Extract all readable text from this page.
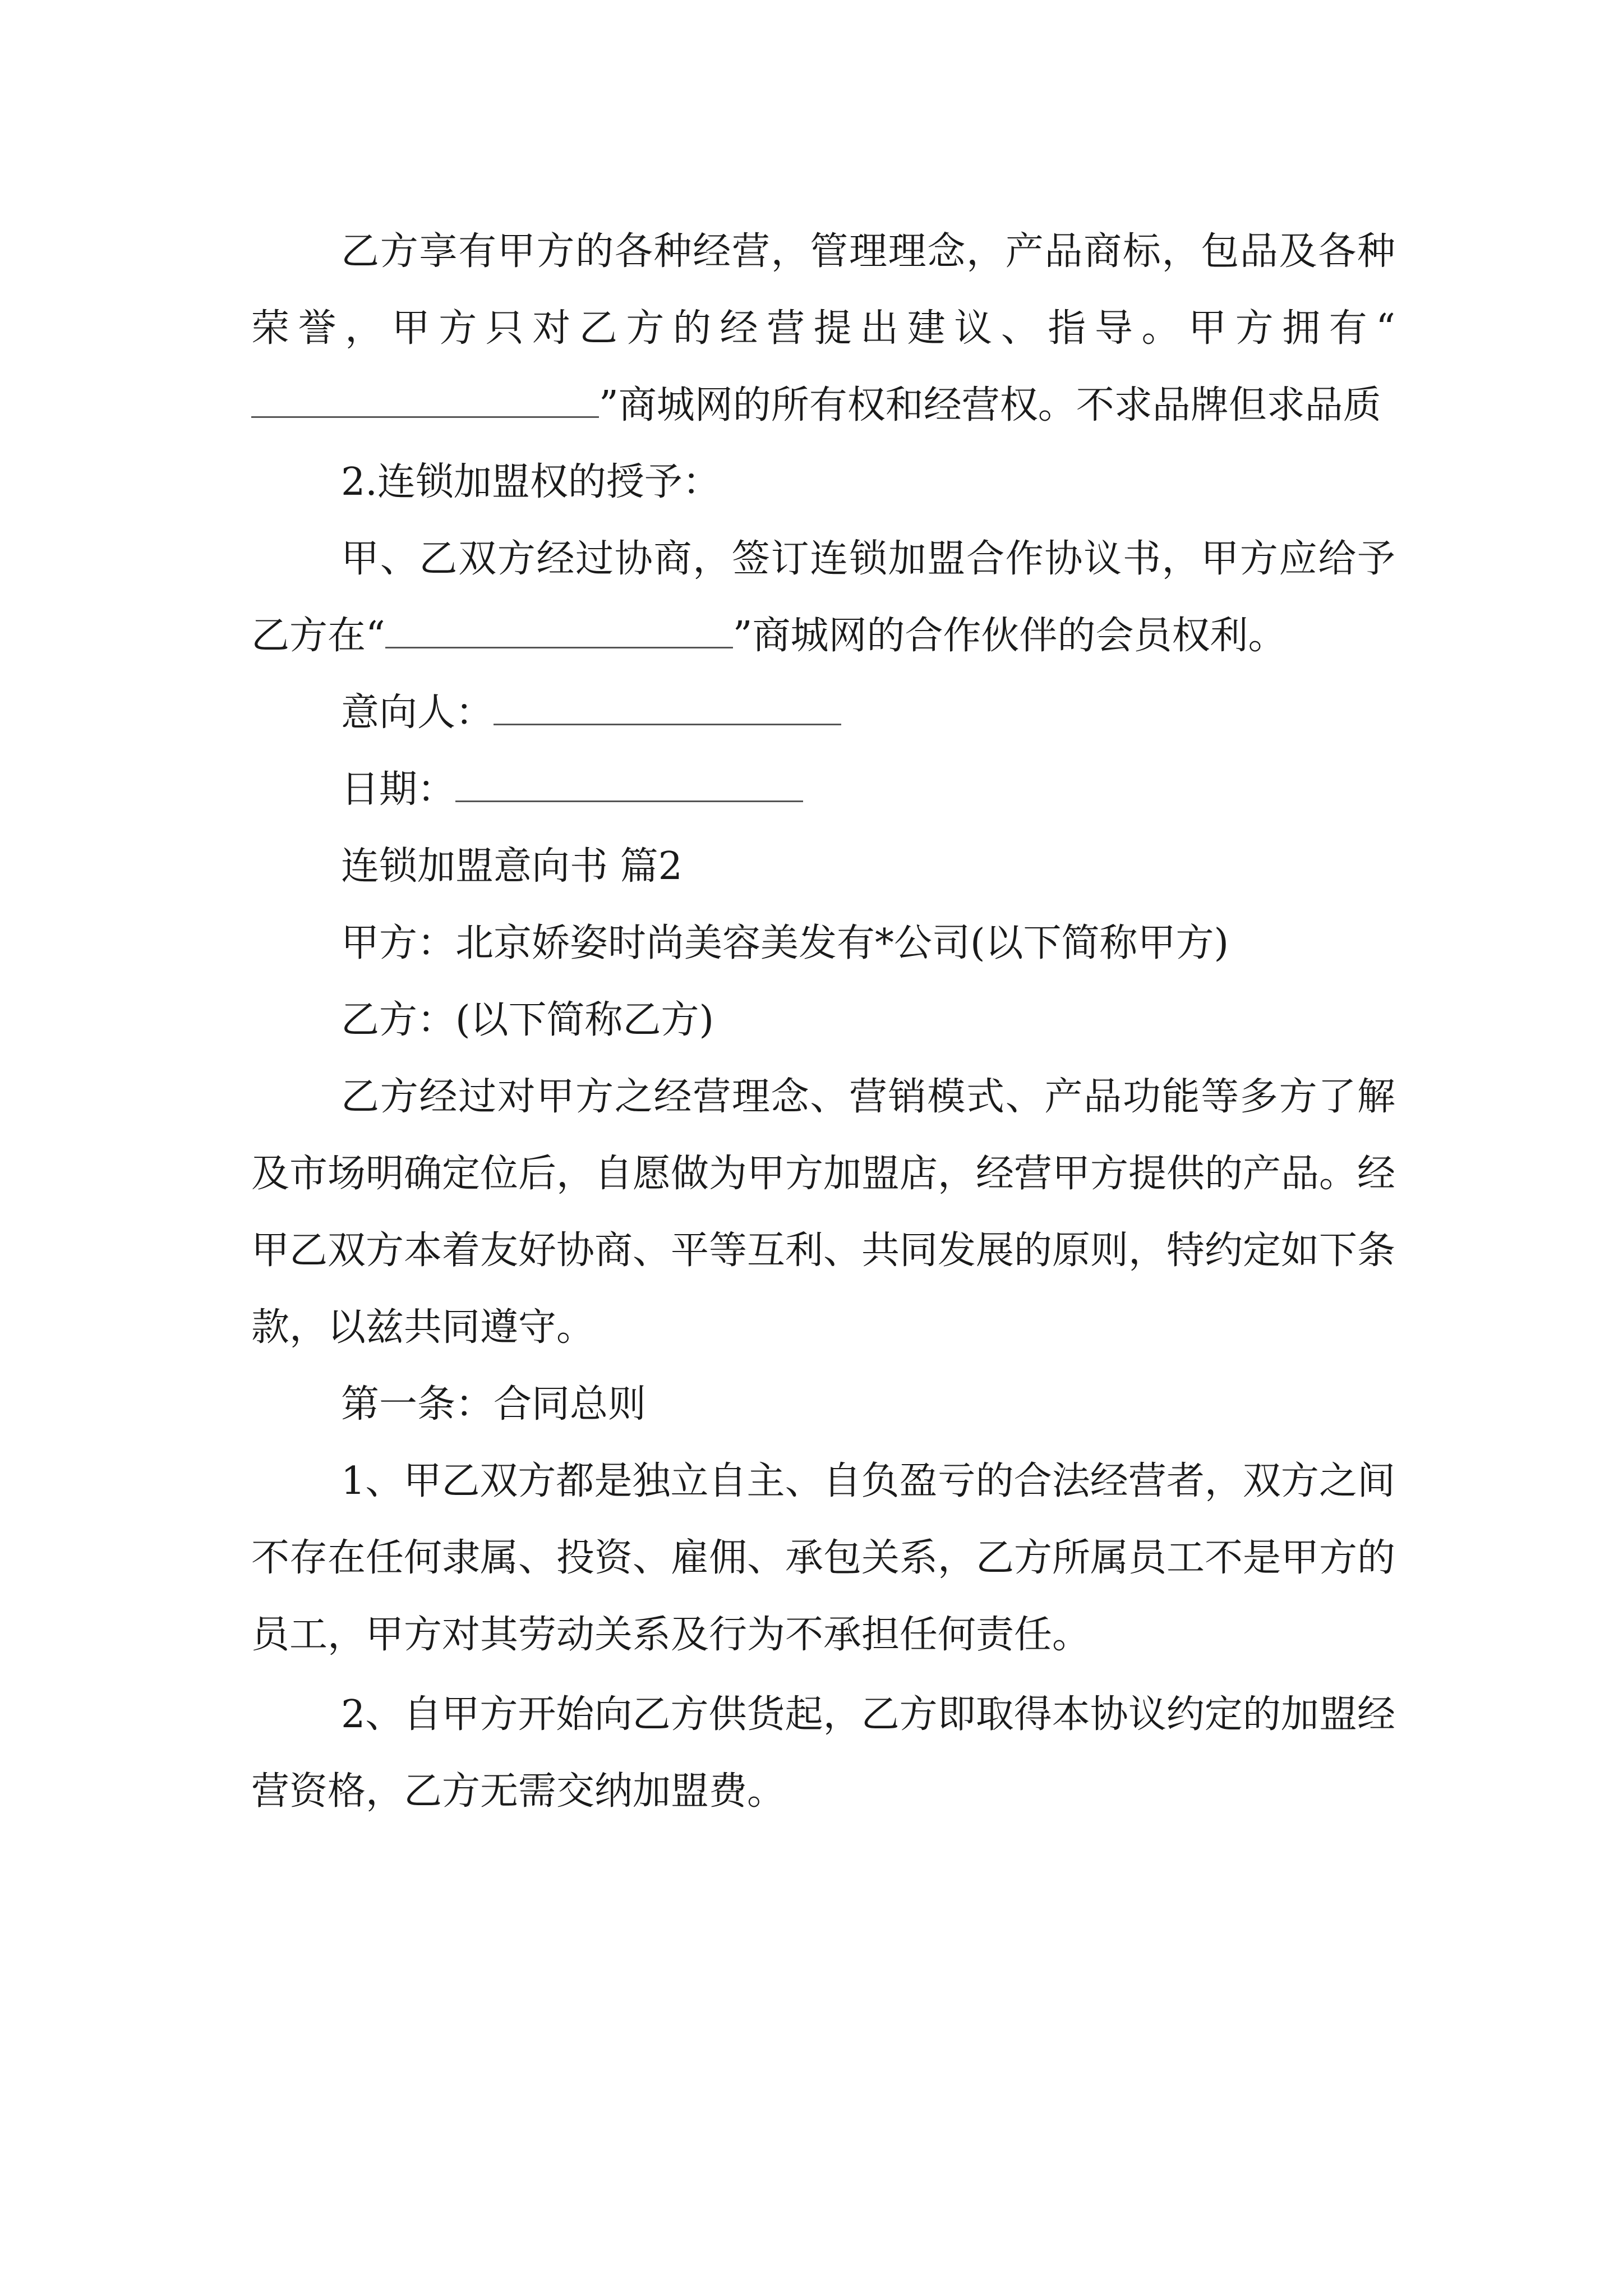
乙方享有甲方的各种经营，管理理念，产品商标，包品及各种荣誉，甲方只对乙方的经营提出建议、指导。甲方拥有“”商城网的所有权和经营权。不求品牌但求品质

2.连锁加盟权的授予：

甲、乙双方经过协商，签订连锁加盟合作协议书，甲方应给予乙方在“	”商城网的合作伙伴的会员权利。

意向人：

日期：

连锁加盟意向书 篇2

甲方：北京娇姿时尚美容美发有*公司(以下简称甲方)

乙方：(以下简称乙方)

乙方经过对甲方之经营理念、营销模式、产品功能等多方了解及市场明确定位后，自愿做为甲方加盟店，经营甲方提供的产品。经甲乙双方本着友好协商、平等互利、共同发展的原则，特约定如下条款，以兹共同遵守。

第一条：合同总则

1、甲乙双方都是独立自主、自负盈亏的合法经营者，双方之间不存在任何隶属、投资、雇佣、承包关系，乙方所属员工不是甲方的员工，甲方对其劳动关系及行为不承担任何责任。

2、自甲方开始向乙方供货起，乙方即取得本协议约定的加盟经营资格，乙方无需交纳加盟费。
